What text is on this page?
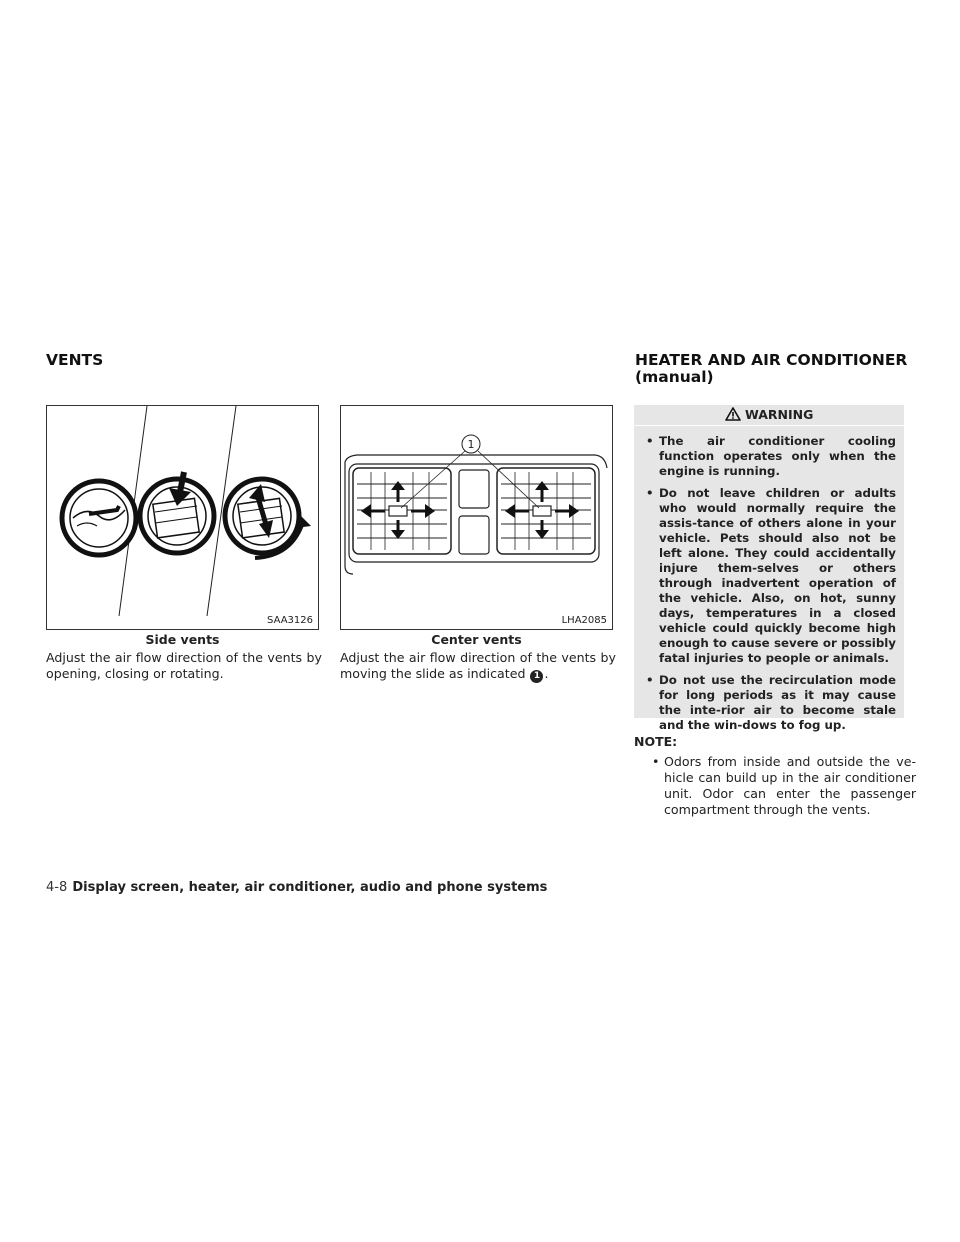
VENTS	HEATER AND AIR CONDITIONER
(manual)
SAA3126
Side vents
Adjust the air flow direction of the vents by opening, closing or rotating.
1
LHA2085
Center vents
Adjust the air flow direction of the vents by moving the slide as indicated 1 .
WARNING
• The air conditioner cooling function operates only when the engine is running.
• Do not leave children or adults who would normally require the assis-tance of others alone in your vehicle. Pets should also not be left alone. They could accidentally injure them-selves or others through inadvertent operation of the vehicle. Also, on hot, sunny days, temperatures in a closed vehicle could quickly become high enough to cause severe or possibly fatal injuries to people or animals.
• Do not use the recirculation mode for long periods as it may cause the inte-rior air to become stale and the win-dows to fog up.
NOTE:
• Odors from inside and outside the ve-hicle can build up in the air conditioner unit. Odor can enter the passenger compartment through the vents.
4-8 Display screen, heater, air conditioner, audio and phone systems
